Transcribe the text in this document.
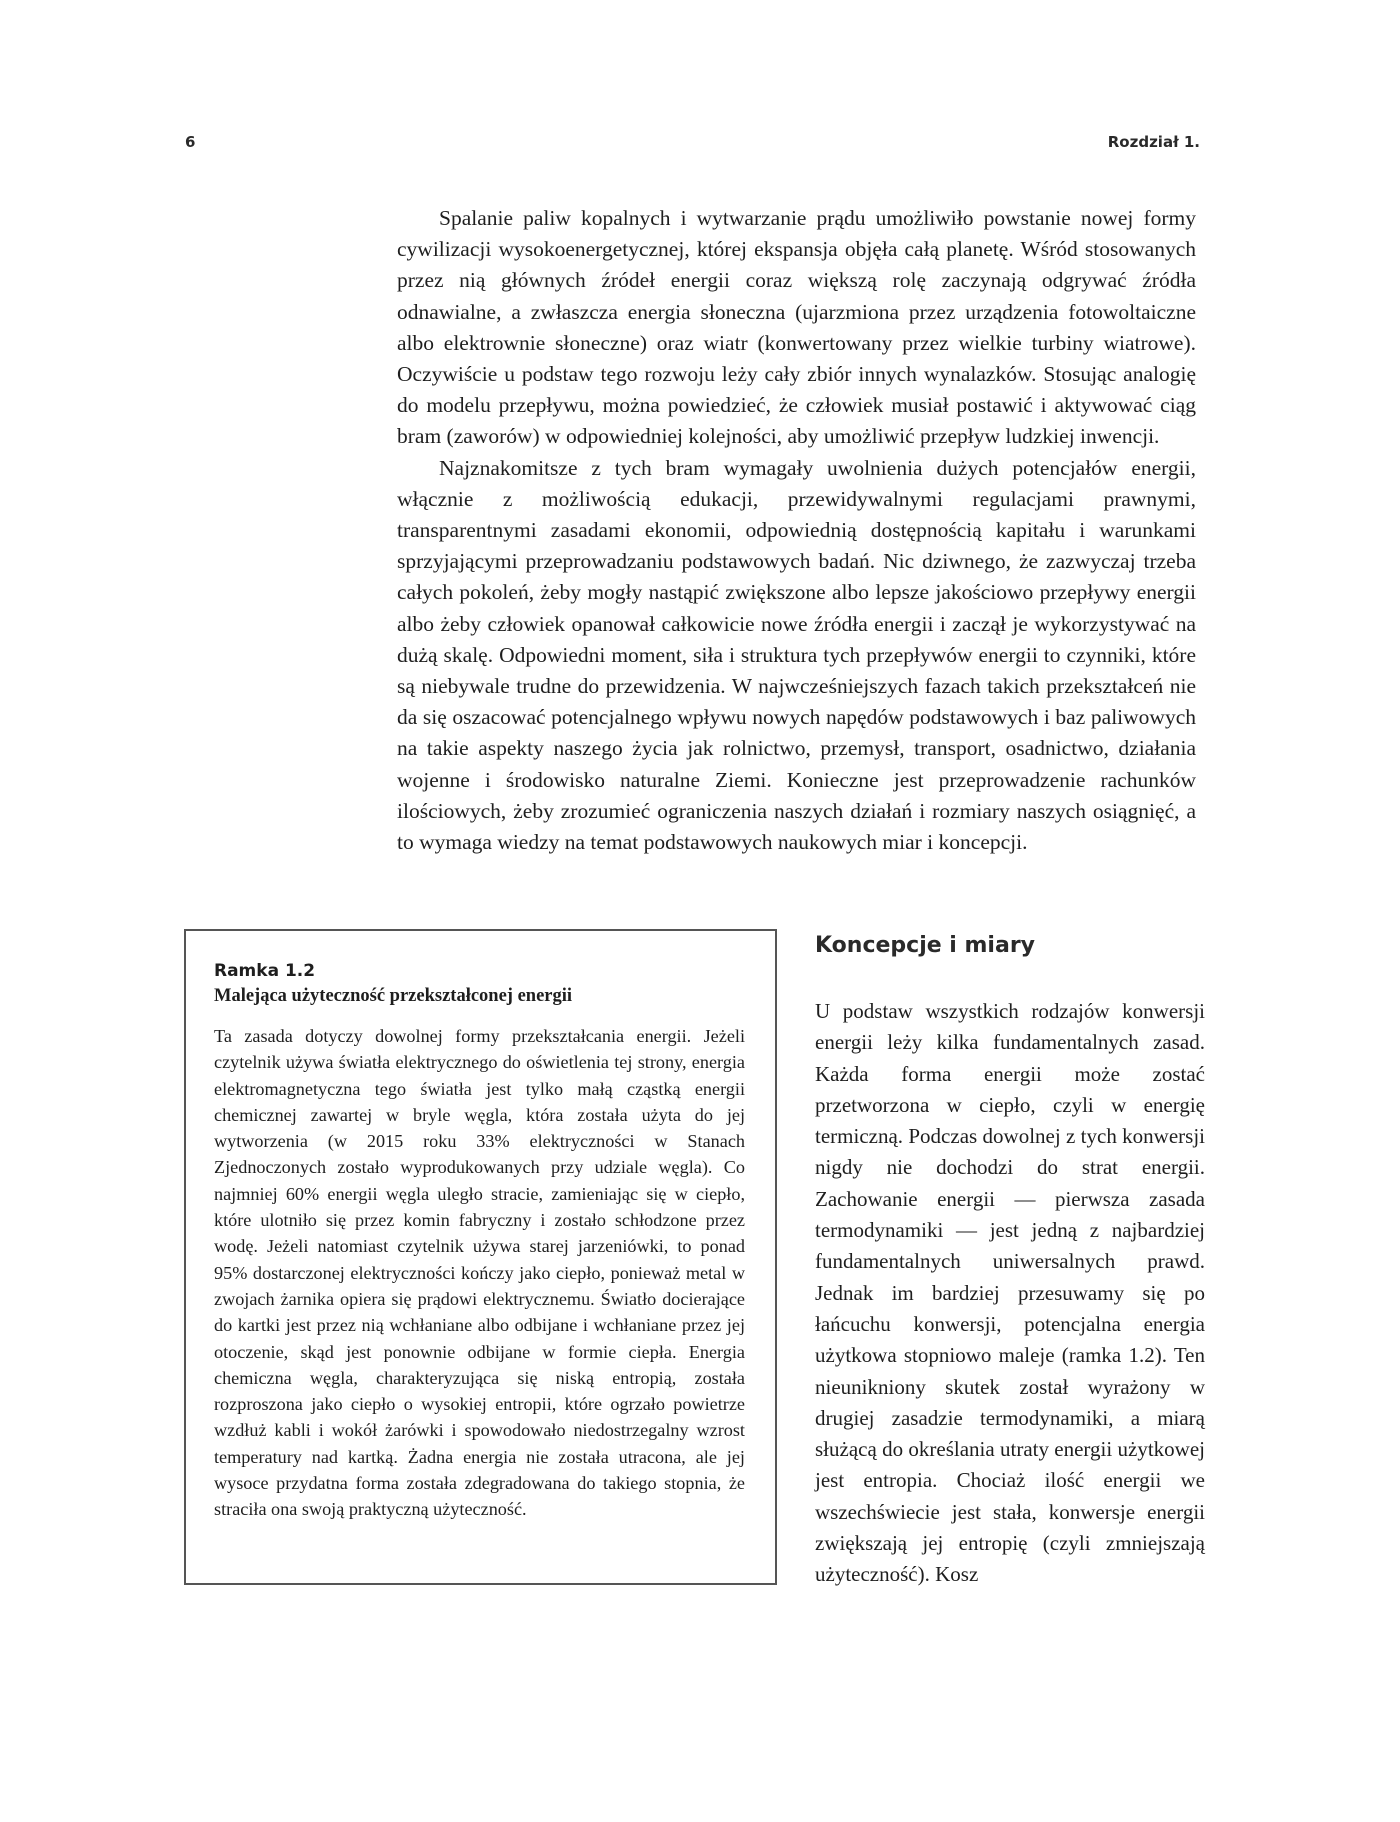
6	Rozdział 1.

Spalanie paliw kopalnych i wytwarzanie prądu umożliwiło powstanie nowej formy cywilizacji wysokoenergetycznej, której ekspansja objęła całą planetę. Wśród stosowanych przez nią głównych źródeł energii coraz większą rolę zaczynają odgrywać źródła odnawialne, a zwłaszcza energia słoneczna (ujarzmiona przez urządzenia fotowoltaiczne albo elektrownie słoneczne) oraz wiatr (konwertowany przez wielkie turbiny wiatrowe). Oczywiście u podstaw tego rozwoju leży cały zbiór innych wynalazków. Stosując analogię do modelu przepływu, można powiedzieć, że człowiek musiał postawić i aktywować ciąg bram (zaworów) w odpowiedniej kolejności, aby umożliwić przepływ ludzkiej inwencji.

Najznakomitsze z tych bram wymagały uwolnienia dużych potencjałów energii, włącznie z możliwością edukacji, przewidywalnymi regulacjami prawnymi, transparentnymi zasadami ekonomii, odpowiednią dostępnością kapitału i warunkami sprzyjającymi przeprowadzaniu podstawowych badań. Nic dziwnego, że zazwyczaj trzeba całych pokoleń, żeby mogły nastąpić zwiększone albo lepsze jakościowo przepływy energii albo żeby człowiek opanował całkowicie nowe źródła energii i zaczął je wykorzystywać na dużą skalę. Odpowiedni moment, siła i struktura tych przepływów energii to czynniki, które są niebywale trudne do przewidzenia. W najwcześniejszych fazach takich przekształceń nie da się oszacować potencjalnego wpływu nowych napędów podstawowych i baz paliwowych na takie aspekty naszego życia jak rolnictwo, przemysł, transport, osadnictwo, działania wojenne i środowisko naturalne Ziemi. Konieczne jest przeprowadzenie rachunków ilościowych, żeby zrozumieć ograniczenia naszych działań i rozmiary naszych osiągnięć, a to wymaga wiedzy na temat podstawowych naukowych miar i koncepcji.

Ramka 1.2
Malejąca użyteczność przekształconej energii

Ta zasada dotyczy dowolnej formy przekształcania energii. Jeżeli czytelnik używa światła elektrycznego do oświetlenia tej strony, energia elektromagnetyczna tego światła jest tylko małą cząstką energii chemicznej zawartej w bryle węgla, która została użyta do jej wytworzenia (w 2015 roku 33% elektryczności w Stanach Zjednoczonych zostało wyprodukowanych przy udziale węgla). Co najmniej 60% energii węgla uległo stracie, zamieniając się w ciepło, które ulotniło się przez komin fabryczny i zostało schłodzone przez wodę. Jeżeli natomiast czytelnik używa starej jarzeniówki, to ponad 95% dostarczonej elektryczności kończy jako ciepło, ponieważ metal w zwojach żarnika opiera się prądowi elektrycznemu. Światło docierające do kartki jest przez nią wchłaniane albo odbijane i wchłaniane przez jej otoczenie, skąd jest ponownie odbijane w formie ciepła. Energia chemiczna węgla, charakteryzująca się niską entropią, została rozproszona jako ciepło o wysokiej entropii, które ogrzało powietrze wzdłuż kabli i wokół żarówki i spowodowało niedostrzegalny wzrost temperatury nad kartką. Żadna energia nie została utracona, ale jej wysoce przydatna forma została zdegradowana do takiego stopnia, że straciła ona swoją praktyczną użyteczność.

Koncepcje i miary

U podstaw wszystkich rodzajów konwersji energii leży kilka fundamentalnych zasad. Każda forma energii może zostać przetworzona w ciepło, czyli w energię termiczną. Podczas dowolnej z tych konwersji nigdy nie dochodzi do strat energii. Zachowanie energii — pierwsza zasada termodynamiki — jest jedną z najbardziej fundamentalnych uniwersalnych prawd. Jednak im bardziej przesuwamy się po łańcuchu konwersji, potencjalna energia użytkowa stopniowo maleje (ramka 1.2). Ten nieunikniony skutek został wyrażony w drugiej zasadzie termodynamiki, a miarą służącą do określania utraty energii użytkowej jest entropia. Chociaż ilość energii we wszechświecie jest stała, konwersje energii zwiększają jej entropię (czyli zmniejszają użyteczność). Kosz
